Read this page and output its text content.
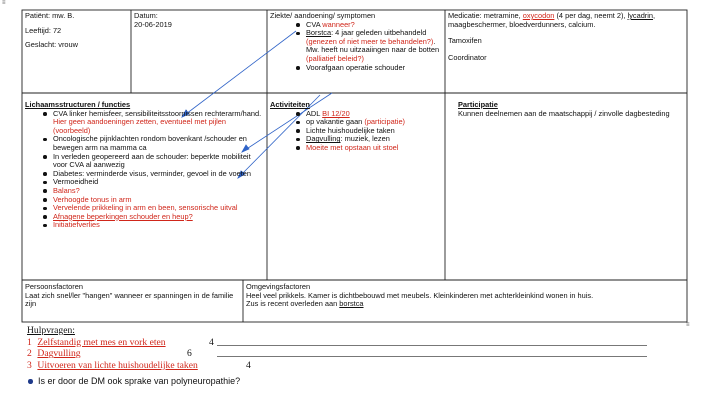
≡
≡
Patiënt: mw. B.
Leeftijd: 72
Geslacht: vrouw
Datum:
20-06-2019
Ziekte/ aandoening/ symptomen
CVA wanneer?
Borstca: 4 jaar geleden uitbehandeld
(genezen of niet meer te behandelen?). Mw. heeft nu uitzaaiingen naar de botten
(palliatief beleid?)
Voorafgaan operatie schouder
Medicatie: metramine, oxycodon (4 per dag, neemt 2), lycadrin, maagbeschermer, bloedverdunners, calcium.
Tamoxifen
Coordinator
Lichaamsstructuren / functies
CVA linker hemisfeer, sensibiliteitsstoornissen rechterarm/hand. Hier geen aandoeningen zetten, eventueel met pijlen (voorbeeld)
Oncologische pijnklachten rondom bovenkant /schouder en bewegen arm na mamma ca
In verleden geopereerd aan de schouder: beperkte mobiliteit voor CVA al aanwezig
Diabetes: verminderde visus, verminder, gevoel in de voeten
Vermoeidheid
Balans?
Verhoogde tonus in arm
Vervelende prikkeling in arm en been, sensorische uitval
Afnagene beperkingen schouder en heup?
Initiatiefverlies
Activiteiten
ADL BI 12/20
op vakantie gaan (participatie)
Lichte huishoudelijke taken
Dagvulling: muziek, lezen
Moeite met opstaan uit stoel
Participatie
Kunnen deelnemen aan de maatschappij / zinvolle dagbesteding
Persoonsfactoren
Laat zich snel/ler "hangen" wanneer er spanningen in de familie zijn
Omgevingsfactoren
Heel veel prikkels. Kamer is dichtbebouwd met meubels. Kleinkinderen met achterkleinkind wonen in huis.
Zus is recent overleden aan borstca
Hulpvragen:
1 Zelfstandig met mes en vork eten	4
2 Dagvulling	6
3 Uitvoeren van lichte huishoudelijke taken	4
Is er door de DM ook sprake van polyneuropathie?
